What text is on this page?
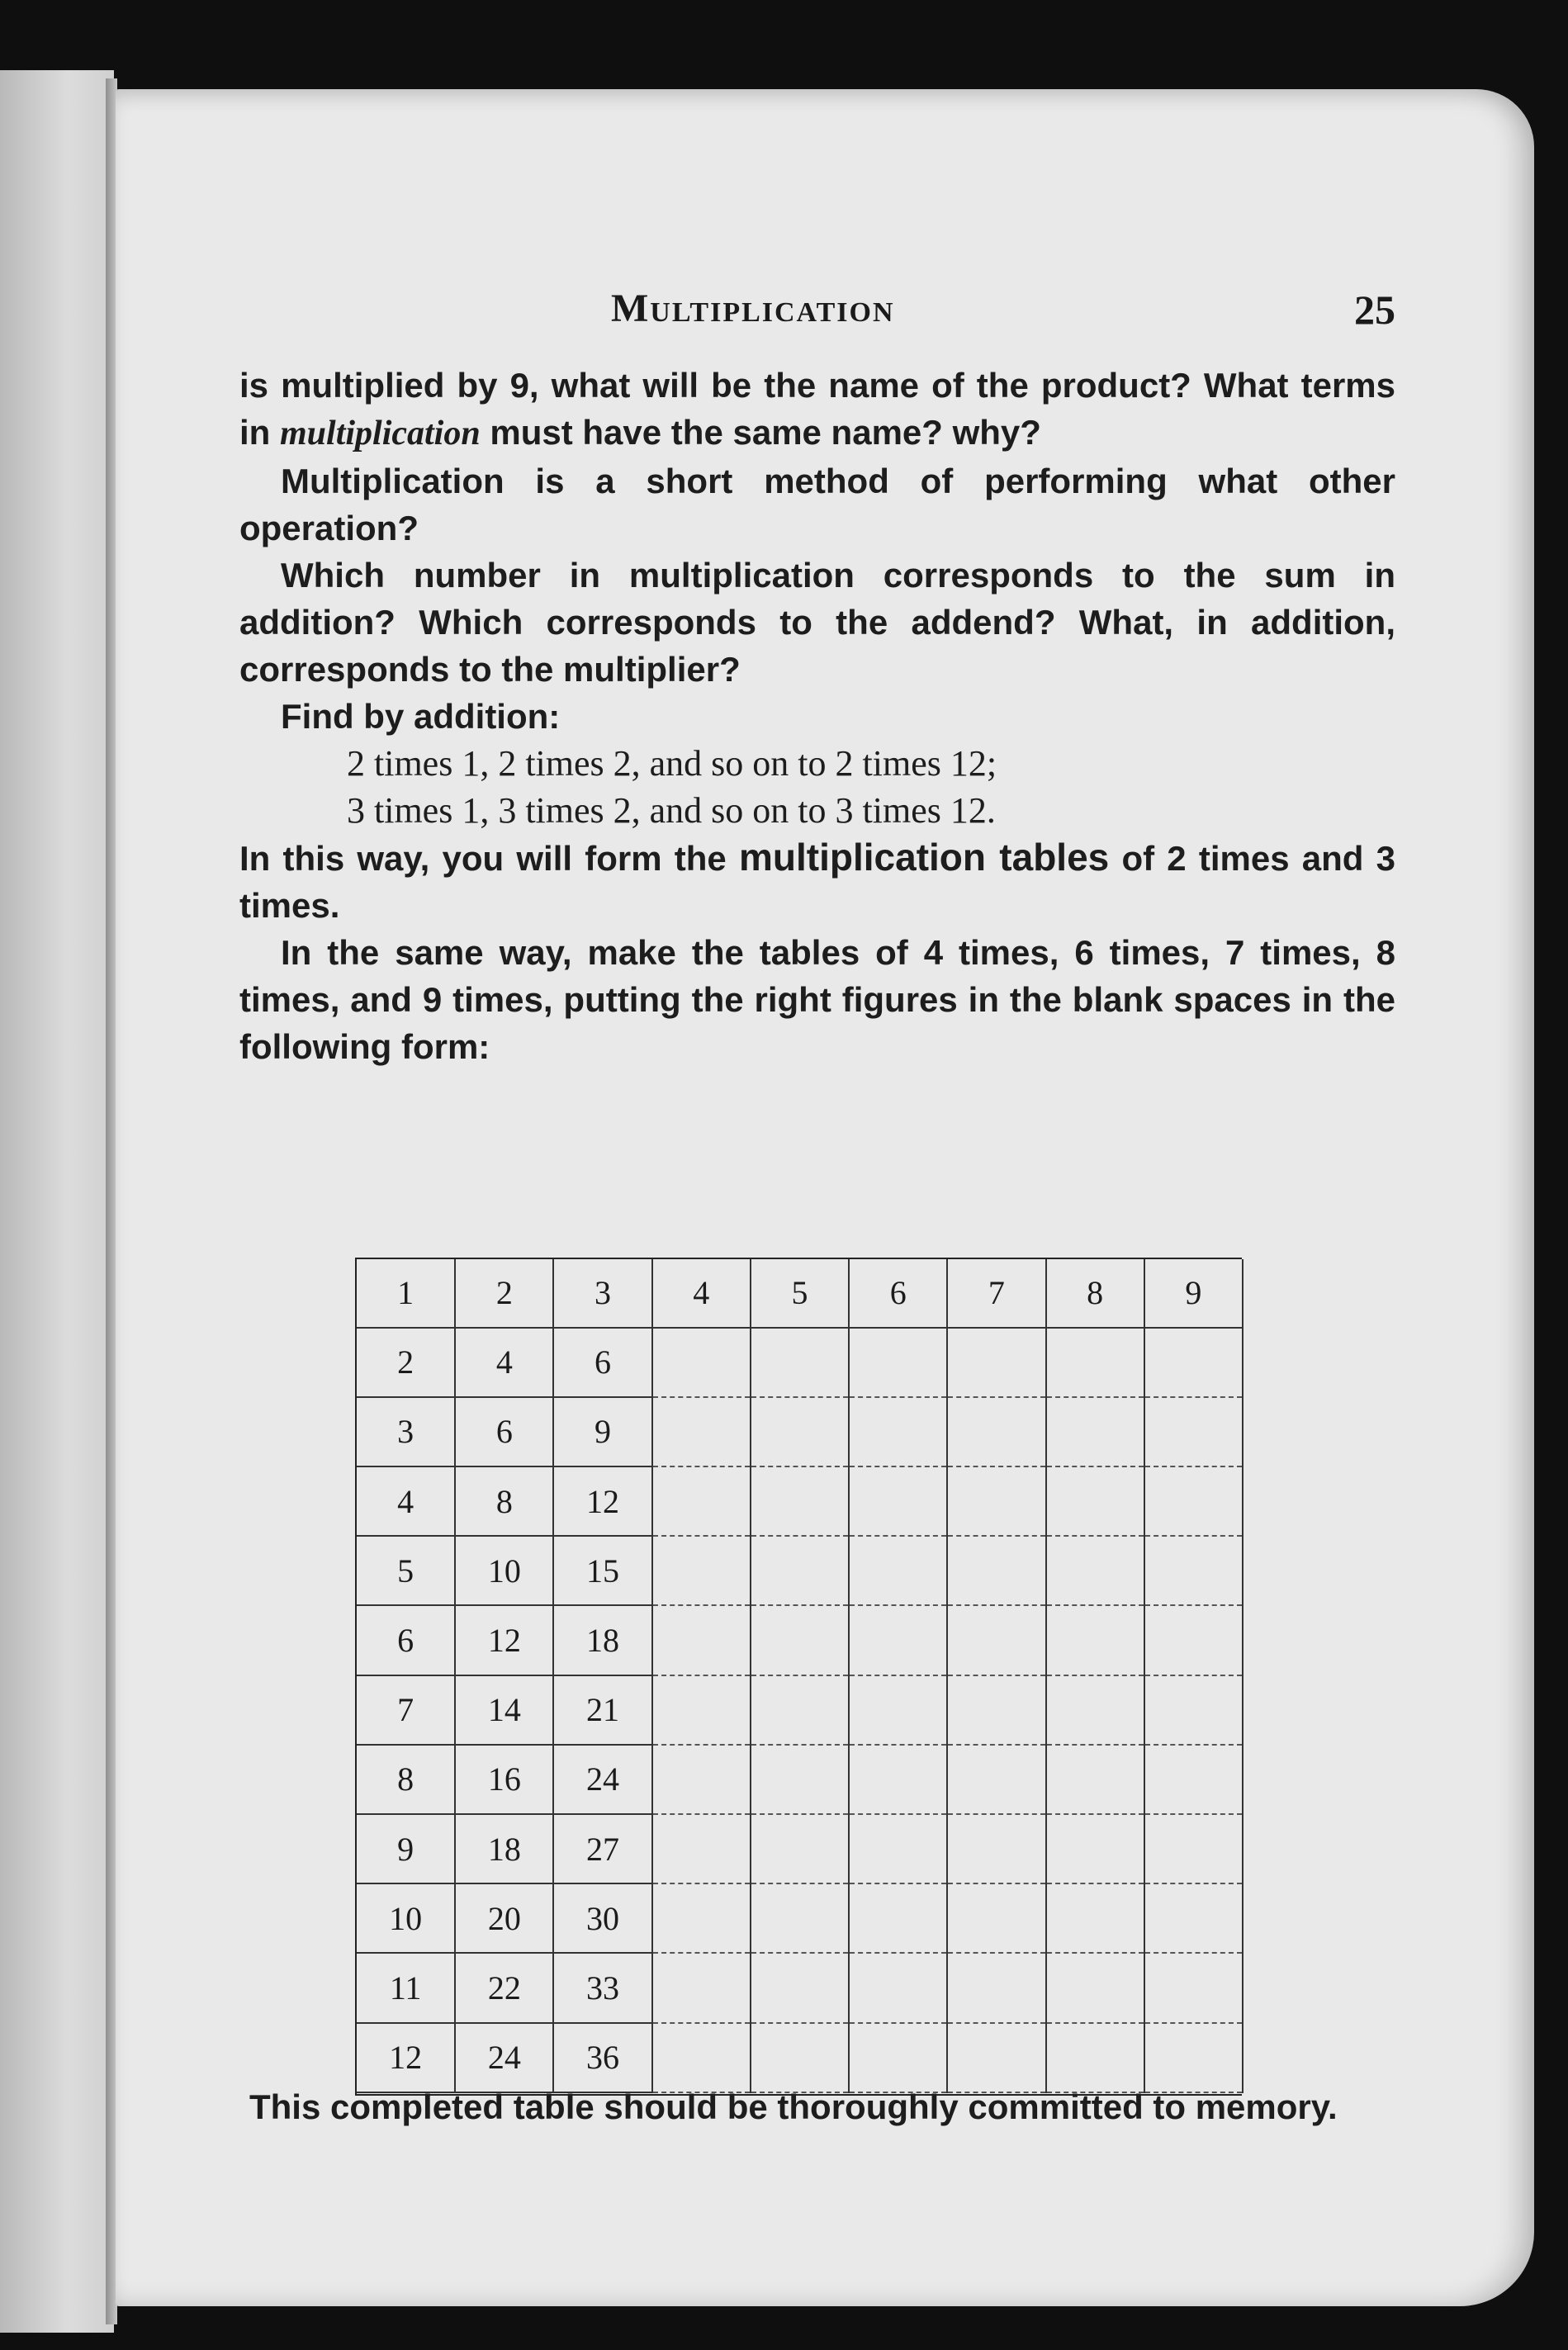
Multiplication	25

is multiplied by 9, what will be the name of the product? What terms in multiplication must have the same name? why?

Multiplication is a short method of performing what other operation?

Which number in multiplication corresponds to the sum in addition? Which corresponds to the addend? What, in addition, corresponds to the multiplier?

Find by addition:

2 times 1, 2 times 2, and so on to 2 times 12;
3 times 1, 3 times 2, and so on to 3 times 12.

In this way, you will form the multiplication tables of 2 times and 3 times.

In the same way, make the tables of 4 times, 6 times, 7 times, 8 times, and 9 times, putting the right figures in the blank spaces in the following form:

1	2	3	4	5	6	7	8	9
2	4	6						
3	6	9						
4	8	12						
5	10	15						
6	12	18						
7	14	21						
8	16	24						
9	18	27						
10	20	30						
11	22	33						
12	24	36						

This completed table should be thoroughly committed to memory.
